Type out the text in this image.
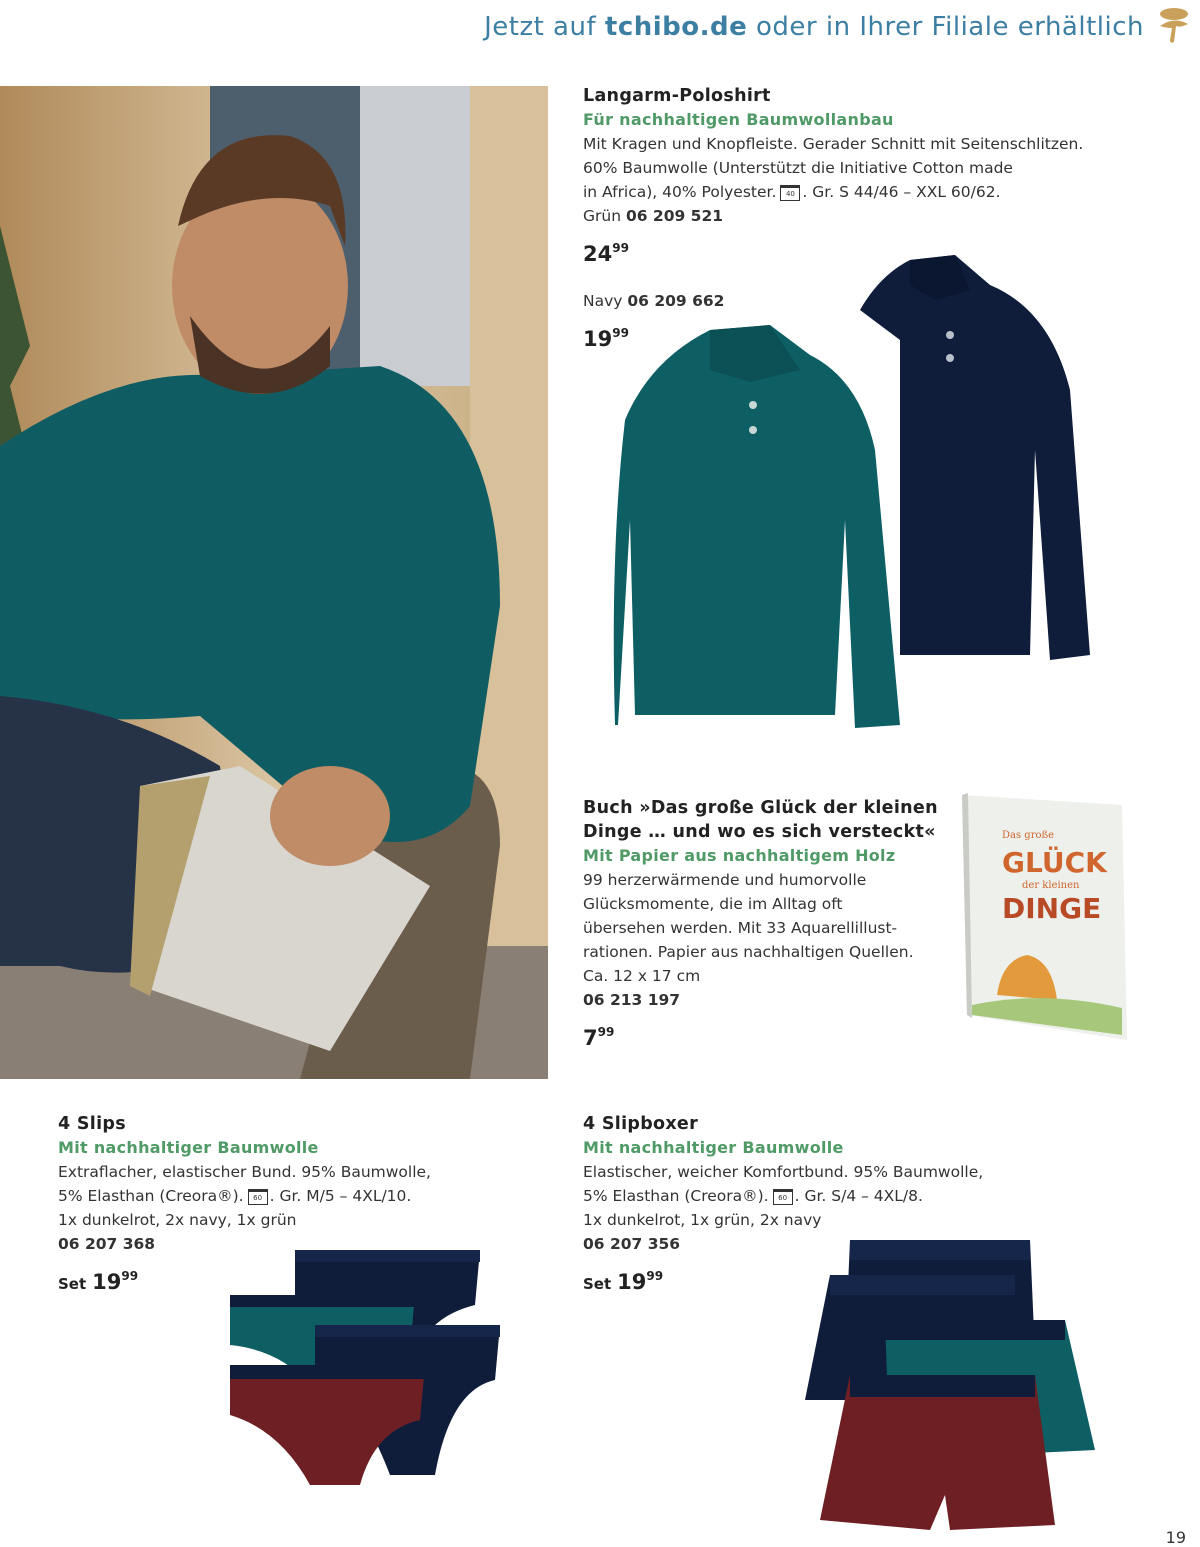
Jetzt auf tchibo.de oder in Ihrer Filiale erhältlich
Langarm-Poloshirt
Für nachhaltigen Baumwollanbau
Mit Kragen und Knopfleiste. Gerader Schnitt mit Seitenschlitzen.
60% Baumwolle (Unterstützt die Initiative Cotton made
in Africa), 40% Polyester. 40 . Gr. S 44/46 – XXL 60/62.
Grün 06 209 521
$24^{99}$
Navy 06 209 662
$19^{99}$
Buch »Das große Glück der kleinen
Dinge … und wo es sich versteckt«
Mit Papier aus nachhaltigem Holz
99 herzerwärmende und humorvolle
Glücksmomente, die im Alltag oft
übersehen werden. Mit 33 Aquarellillust-
rationen. Papier aus nachhaltigen Quellen.
Ca. 12 x 17 cm
06 213 197
$7^{99}$
Das große
GLÜCK
der kleinen
DINGE
4 Slips
Mit nachhaltiger Baumwolle
Extraflacher, elastischer Bund. 95% Baumwolle,
5% Elasthan (Creora®). 60 . Gr. M/5 – 4XL/10.
1x dunkelrot, 2x navy, 1x grün
06 207 368
Set $19^{99}$
4 Slipboxer
Mit nachhaltiger Baumwolle
Elastischer, weicher Komfortbund. 95% Baumwolle,
5% Elasthan (Creora®). 60 . Gr. S/4 – 4XL/8.
1x dunkelrot, 1x grün, 2x navy
06 207 356
Set $19^{99}$
19
